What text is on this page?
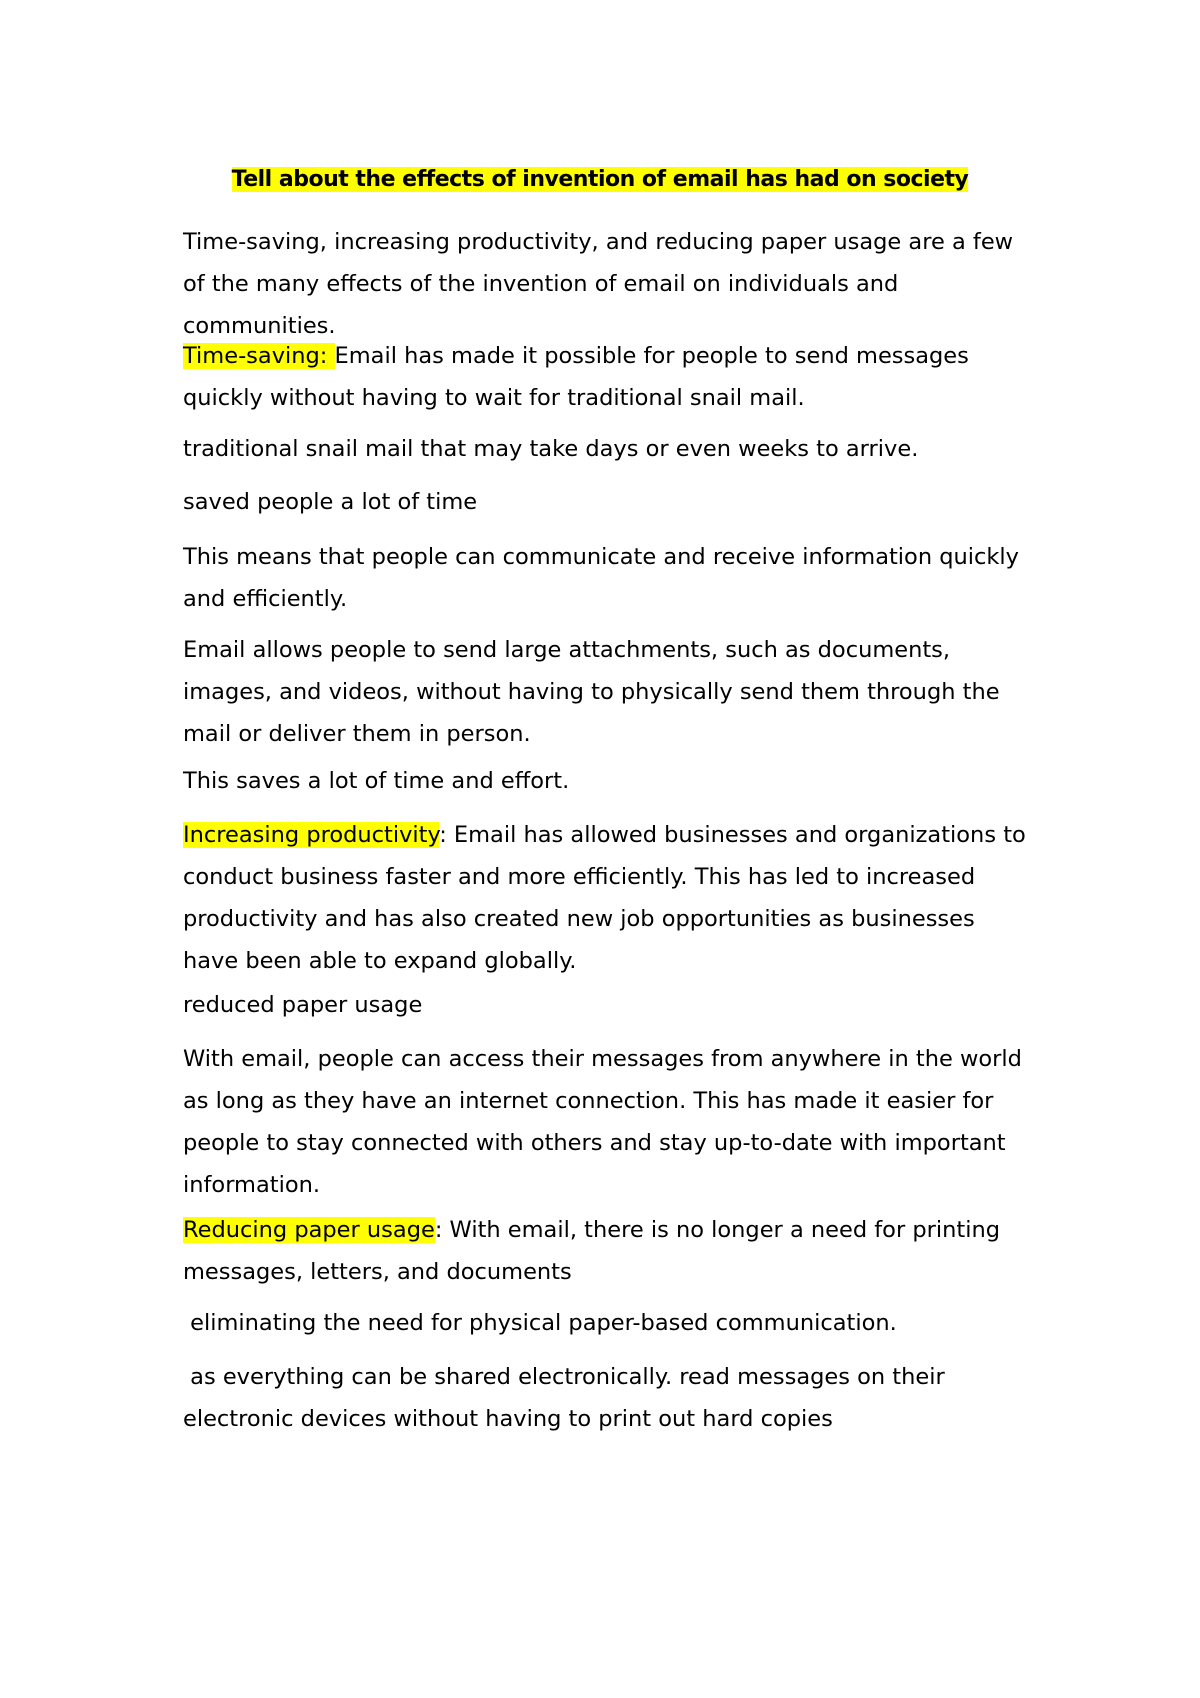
Tell about the effects of invention of email has had on society

Time-saving, increasing productivity, and reducing paper usage are a few of the many effects of the invention of email on individuals and communities.

Time-saving: Email has made it possible for people to send messages quickly without having to wait for traditional snail mail.

traditional snail mail that may take days or even weeks to arrive.

saved people a lot of time

This means that people can communicate and receive information quickly and efficiently.

Email allows people to send large attachments, such as documents, images, and videos, without having to physically send them through the mail or deliver them in person.

This saves a lot of time and effort.

Increasing productivity: Email has allowed businesses and organizations to conduct business faster and more efficiently. This has led to increased productivity and has also created new job opportunities as businesses have been able to expand globally.

reduced paper usage

With email, people can access their messages from anywhere in the world as long as they have an internet connection. This has made it easier for people to stay connected with others and stay up-to-date with important information.

Reducing paper usage: With email, there is no longer a need for printing messages, letters, and documents

eliminating the need for physical paper-based communication.

as everything can be shared electronically. read messages on their electronic devices without having to print out hard copies
